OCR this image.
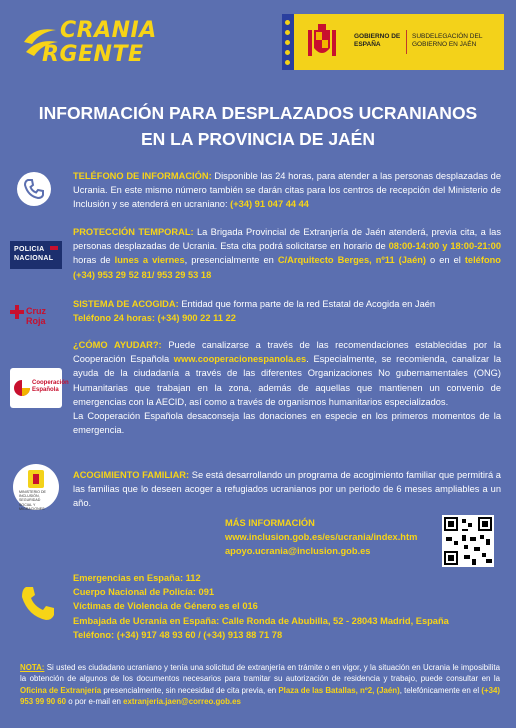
CRANIA
RGENTE
GOBIERNO DE ESPAÑA
SUBDELEGACIÓN DEL GOBIERNO EN JAÉN
INFORMACIÓN PARA DESPLAZADOS UCRANIANOS
EN LA PROVINCIA DE JAÉN
TELÉFONO DE INFORMACIÓN: Disponible las 24 horas, para atender a las personas desplazadas de Ucrania. En este mismo número también se darán citas para los centros de recepción del Ministerio de Inclusión y se atenderá en ucraniano: (+34) 91 047 44 44
POLICIA
NACIONAL
PROTECCIÓN TEMPORAL: La Brigada Provincial de Extranjería de Jaén atenderá, previa cita, a las personas desplazadas de Ucrania. Esta cita podrá solicitarse en horario de 08:00-14:00 y 18:00-21:00 horas de lunes a viernes, presencialmente en C/Arquitecto Berges, nº11 (Jaén) o en el teléfono (+34) 953 29 52 81/ 953 29 53 18
Cruz Roja
SISTEMA DE ACOGIDA: Entidad que forma parte de la red Estatal de Acogida en Jaén
Teléfono 24 horas: (+34) 900 22 11 22
Cooperación Española
¿CÓMO AYUDAR?: Puede canalizarse a través de las recomendaciones establecidas por la Cooperación Española www.cooperacionespanola.es. Especialmente, se recomienda, canalizar la ayuda de la ciudadanía a través de las diferentes Organizaciones No gubernamentales (ONG) Humanitarias que trabajan en la zona, además de aquellas que mantienen un convenio de emergencias con la AECID, así como a través de organismos humanitarios especializados.
La Cooperación Española desaconseja las donaciones en especie en los primeros momentos de la emergencia.
MINISTERIO DE INCLUSIÓN, SEGURIDAD SOCIAL Y MIGRACIONES
ACOGIMIENTO FAMILIAR: Se está desarrollando un programa de acogimiento familiar que permitirá a las familias que lo deseen acoger a refugiados ucranianos por un periodo de 6 meses ampliables a un año.
MÁS INFORMACIÓN
www.inclusion.gob.es/es/ucrania/index.htm
apoyo.ucrania@inclusion.gob.es
Emergencias en España: 112
Cuerpo Nacional de Policía: 091
Víctimas de Violencia de Género es el 016
Embajada de Ucrania en España: Calle Ronda de Abubilla, 52 - 28043 Madrid, España
Teléfono: (+34) 917 48 93 60 / (+34) 913 88 71 78
NOTA: Si usted es ciudadano ucraniano y tenía una solicitud de extranjería en trámite o en vigor, y la situación en Ucrania le imposibilita la obtención de algunos de los documentos necesarios para tramitar su autorización de residencia y trabajo, puede consultar en la Oficina de Extranjería presencialmente, sin necesidad de cita previa, en Plaza de las Batallas, nº2, (Jaén), telefónicamente en el (+34) 953 99 90 60 o por e-mail en extranjeria.jaen@correo.gob.es
